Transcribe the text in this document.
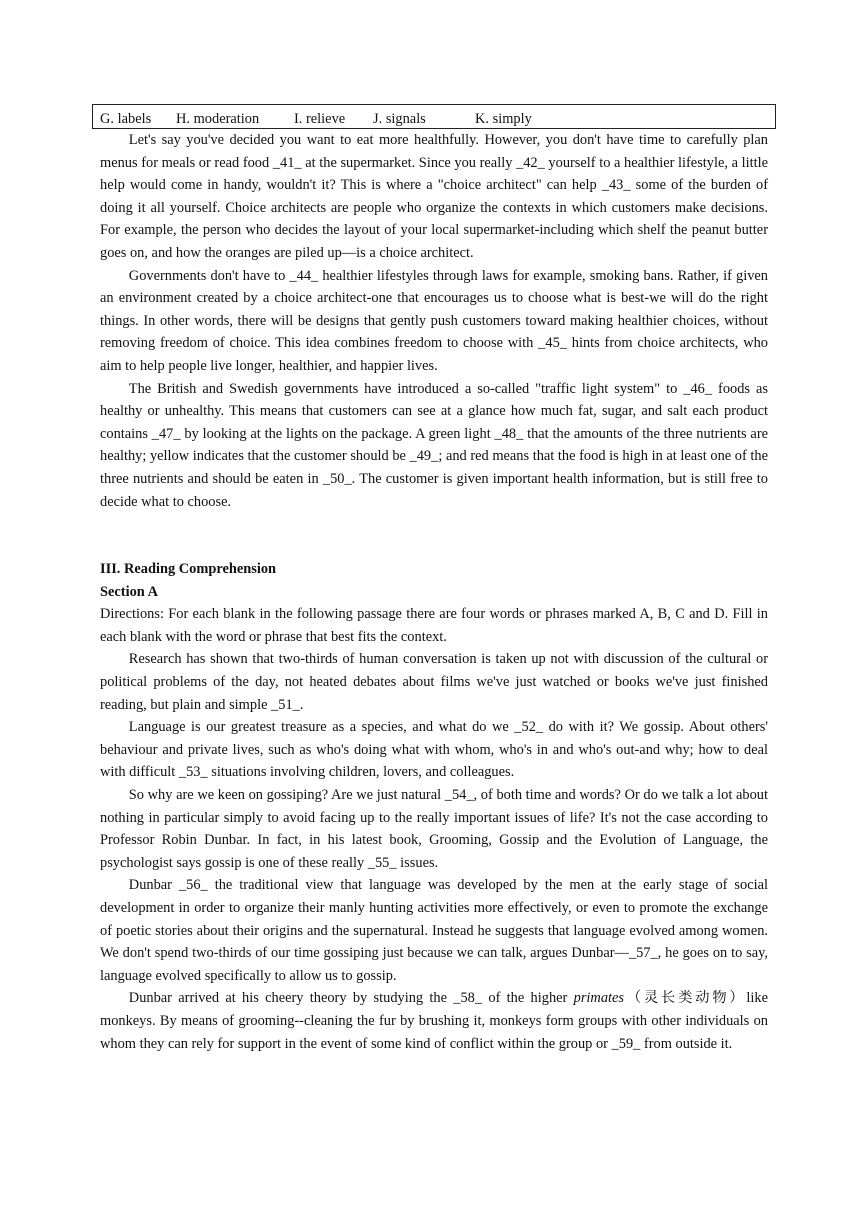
G. labels H. moderation I. relieve J. signals	K. simply

Let's say you've decided you want to eat more healthfully. However, you don't have time to carefully plan menus for meals or read food _41_ at the supermarket. Since you really _42_ yourself to a healthier lifestyle, a little help would come in handy, wouldn't it? This is where a "choice architect" can help _43_ some of the burden of doing it all yourself. Choice architects are people who organize the contexts in which customers make decisions. For example, the person who decides the layout of your local supermarket-including which shelf the peanut butter goes on, and how the oranges are piled up—is a choice architect.

Governments don't have to _44_ healthier lifestyles through laws for example, smoking bans. Rather, if given an environment created by a choice architect-one that encourages us to choose what is best-we will do the right things. In other words, there will be designs that gently push customers toward making healthier choices, without removing freedom of choice. This idea combines freedom to choose with _45_ hints from choice architects, who aim to help people live longer, healthier, and happier lives.

The British and Swedish governments have introduced a so-called "traffic light system" to _46_ foods as healthy or unhealthy. This means that customers can see at a glance how much fat, sugar, and salt each product contains _47_ by looking at the lights on the package. A green light _48_ that the amounts of the three nutrients are healthy; yellow indicates that the customer should be _49_; and red means that the food is high in at least one of the three nutrients and should be eaten in _50_. The customer is given important health information, but is still free to decide what to choose.

III. Reading Comprehension
Section A

Directions: For each blank in the following passage there are four words or phrases marked A, B, C and D. Fill in each blank with the word or phrase that best fits the context.

Research has shown that two-thirds of human conversation is taken up not with discussion of the cultural or political problems of the day, not heated debates about films we've just watched or books we've just finished reading, but plain and simple _51_.

Language is our greatest treasure as a species, and what do we _52_ do with it? We gossip. About others' behaviour and private lives, such as who's doing what with whom, who's in and who's out-and why; how to deal with difficult _53_ situations involving children, lovers, and colleagues.

So why are we keen on gossiping? Are we just natural _54_, of both time and words? Or do we talk a lot about nothing in particular simply to avoid facing up to the really important issues of life? It's not the case according to Professor Robin Dunbar. In fact, in his latest book, Grooming, Gossip and the Evolution of Language, the psychologist says gossip is one of these really _55_ issues.

Dunbar _56_ the traditional view that language was developed by the men at the early stage of social development in order to organize their manly hunting activities more effectively, or even to promote the exchange of poetic stories about their origins and the supernatural. Instead he suggests that language evolved among women. We don't spend two-thirds of our time gossiping just because we can talk, argues Dunbar—_57_, he goes on to say, language evolved specifically to allow us to gossip.

Dunbar arrived at his cheery theory by studying the _58_ of the higher primates（灵长类动物）like monkeys. By means of grooming--cleaning the fur by brushing it, monkeys form groups with other individuals on whom they can rely for support in the event of some kind of conflict within the group or _59_ from outside it.
